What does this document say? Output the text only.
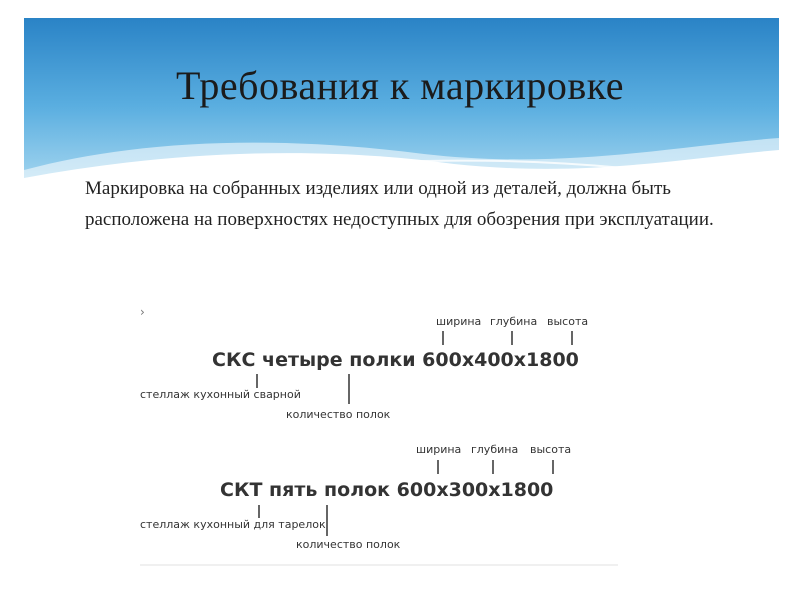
Требования к маркировке
Маркировка на собранных изделиях или одной из деталей, должна быть расположена на поверхностях недоступных для обозрения при эксплуатации.
›
ширина глубина высота
СКС четыре полки 600х400х1800
стеллаж кухонный сварной
количество полок
ширина глубина высота
СКТ пять полок 600х300х1800
стеллаж кухонный для тарелок
количество полок
